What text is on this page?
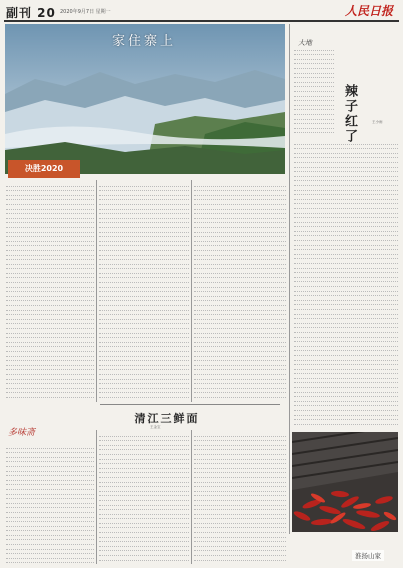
副刊 20 2020年9月7日 星期一	人民日报
家住寨上
决胜2020
大地
辣子红了	王小雨
清江三鲜面
王金宝
多味斋
淮扬山家
